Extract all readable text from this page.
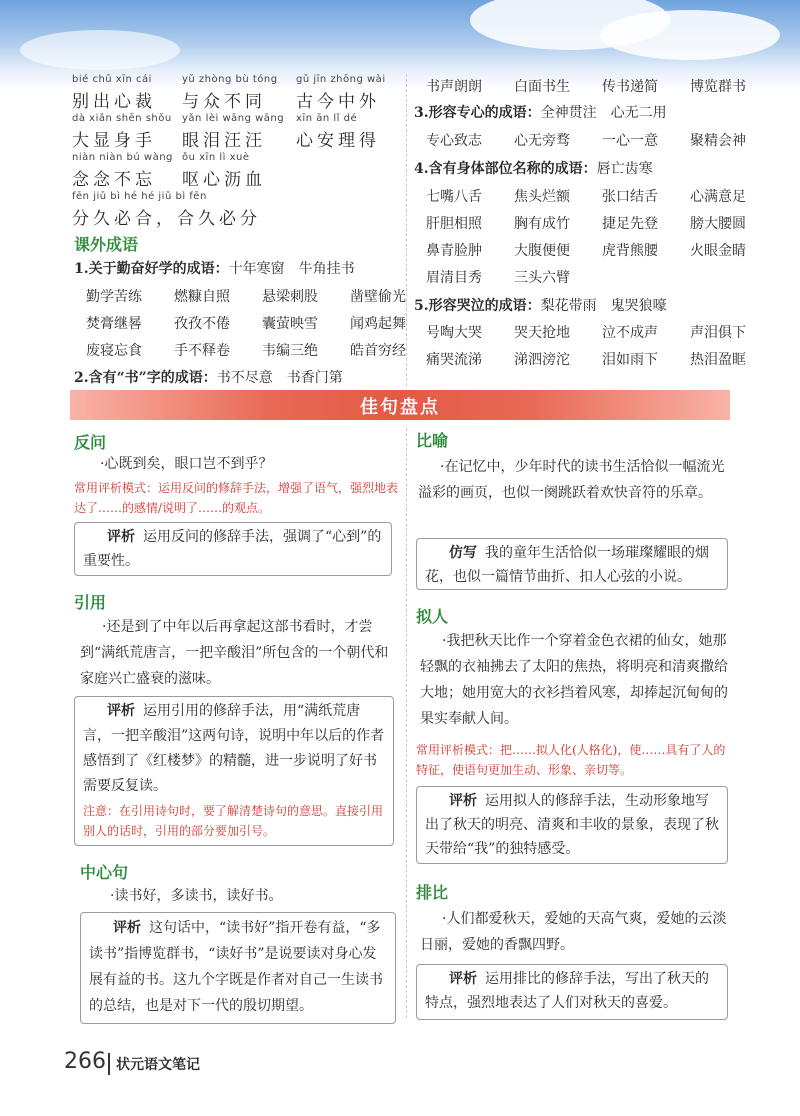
bié chū xīn cái
别出心裁
dà xiǎn shēn shǒu
大显身手
niàn niàn bú wàng
念念不忘
fēn jiǔ bì hé hé jiǔ bì fēn
分久必合，合久必分
yǔ zhòng bù tóng
与众不同
yǎn lèi wāng wāng
眼泪汪汪
ǒu xīn lì xuè
呕心沥血
gǔ jīn zhōng wài
古今中外
xīn ān lǐ dé
心安理得
课外成语
1.关于勤奋好学的成语：十年寒窗　牛角挂书
勤学苦练 燃糠自照 悬梁刺股 凿壁偷光
焚膏继晷 孜孜不倦 囊萤映雪 闻鸡起舞
废寝忘食 手不释卷 韦编三绝 皓首穷经
2.含有“书”字的成语：书不尽意　书香门第
书声朗朗 白面书生 传书递简 博览群书
3.形容专心的成语：全神贯注　心无二用
专心致志 心无旁骛 一心一意 聚精会神
4.含有身体部位名称的成语：唇亡齿寒
七嘴八舌 焦头烂额 张口结舌 心满意足
肝胆相照 胸有成竹 捷足先登 膀大腰圆
鼻青脸肿 大腹便便 虎背熊腰 火眼金睛
眉清目秀 三头六臂
5.形容哭泣的成语：梨花带雨　鬼哭狼嚎
号啕大哭 哭天抢地 泣不成声 声泪俱下
痛哭流涕 涕泗滂沱 泪如雨下 热泪盈眶
佳句盘点
反问
·心既到矣，眼口岂不到乎？
常用评析模式：运用反问的修辞手法，增强了语气，强烈地表达了……的感情/说明了……的观点。
评析 运用反问的修辞手法，强调了“心到”的重要性。
引用
·还是到了中年以后再拿起这部书看时，才尝到“满纸荒唐言，一把辛酸泪”所包含的一个朝代和家庭兴亡盛衰的滋味。
评析 运用引用的修辞手法，用“满纸荒唐言，一把辛酸泪”这两句诗，说明中年以后的作者感悟到了《红楼梦》的精髓，进一步说明了好书需要反复读。
注意：在引用诗句时，要了解清楚诗句的意思。直接引用别人的话时，引用的部分要加引号。
中心句
·读书好，多读书，读好书。
评析 这句话中，“读书好”指开卷有益，“多读书”指博览群书，“读好书”是说要读对身心发展有益的书。这九个字既是作者对自己一生读书的总结，也是对下一代的殷切期望。
比喻
·在记忆中，少年时代的读书生活恰似一幅流光溢彩的画页，也似一阕跳跃着欢快音符的乐章。
仿写 我的童年生活恰似一场璀璨耀眼的烟花，也似一篇情节曲折、扣人心弦的小说。
拟人
·我把秋天比作一个穿着金色衣裙的仙女，她那轻飘的衣袖拂去了太阳的焦热，将明亮和清爽撒给大地；她用宽大的衣衫挡着风寒，却捧起沉甸甸的果实奉献人间。
常用评析模式：把……拟人化(人格化)，使……具有了人的特征，使语句更加生动、形象、亲切等。
评析 运用拟人的修辞手法，生动形象地写出了秋天的明亮、清爽和丰收的景象，表现了秋天带给“我”的独特感受。
排比
·人们都爱秋天，爱她的天高气爽，爱她的云淡日丽，爱她的香飘四野。
评析 运用排比的修辞手法，写出了秋天的特点，强烈地表达了人们对秋天的喜爱。
266 状元语文笔记
